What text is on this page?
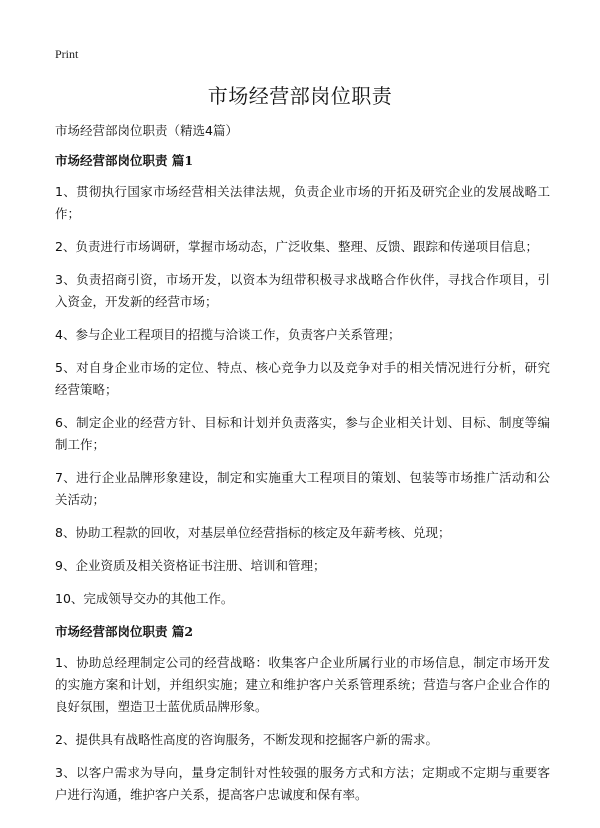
Print
市场经营部岗位职责

市场经营部岗位职责（精选4篇）

市场经营部岗位职责 篇1

1、贯彻执行国家市场经营相关法律法规，负责企业市场的开拓及研究企业的发展战略工作；

2、负责进行市场调研，掌握市场动态，广泛收集、整理、反馈、跟踪和传递项目信息；

3、负责招商引资，市场开发，以资本为纽带积极寻求战略合作伙伴，寻找合作项目，引入资金，开发新的经营市场；

4、参与企业工程项目的招揽与洽谈工作，负责客户关系管理；

5、对自身企业市场的定位、特点、核心竞争力以及竞争对手的相关情况进行分析，研究经营策略；

6、制定企业的经营方针、目标和计划并负责落实，参与企业相关计划、目标、制度等编制工作；

7、进行企业品牌形象建设，制定和实施重大工程项目的策划、包装等市场推广活动和公关活动；

8、协助工程款的回收，对基层单位经营指标的核定及年薪考核、兑现；

9、企业资质及相关资格证书注册、培训和管理；

10、完成领导交办的其他工作。

市场经营部岗位职责 篇2

1、协助总经理制定公司的经营战略：收集客户企业所属行业的市场信息，制定市场开发的实施方案和计划，并组织实施；建立和维护客户关系管理系统；营造与客户企业合作的良好氛围，塑造卫士蓝优质品牌形象。

2、提供具有战略性高度的咨询服务，不断发现和挖掘客户新的需求。

3、以客户需求为导向，量身定制针对性较强的服务方式和方法；定期或不定期与重要客户进行沟通，维护客户关系，提高客户忠诚度和保有率。
